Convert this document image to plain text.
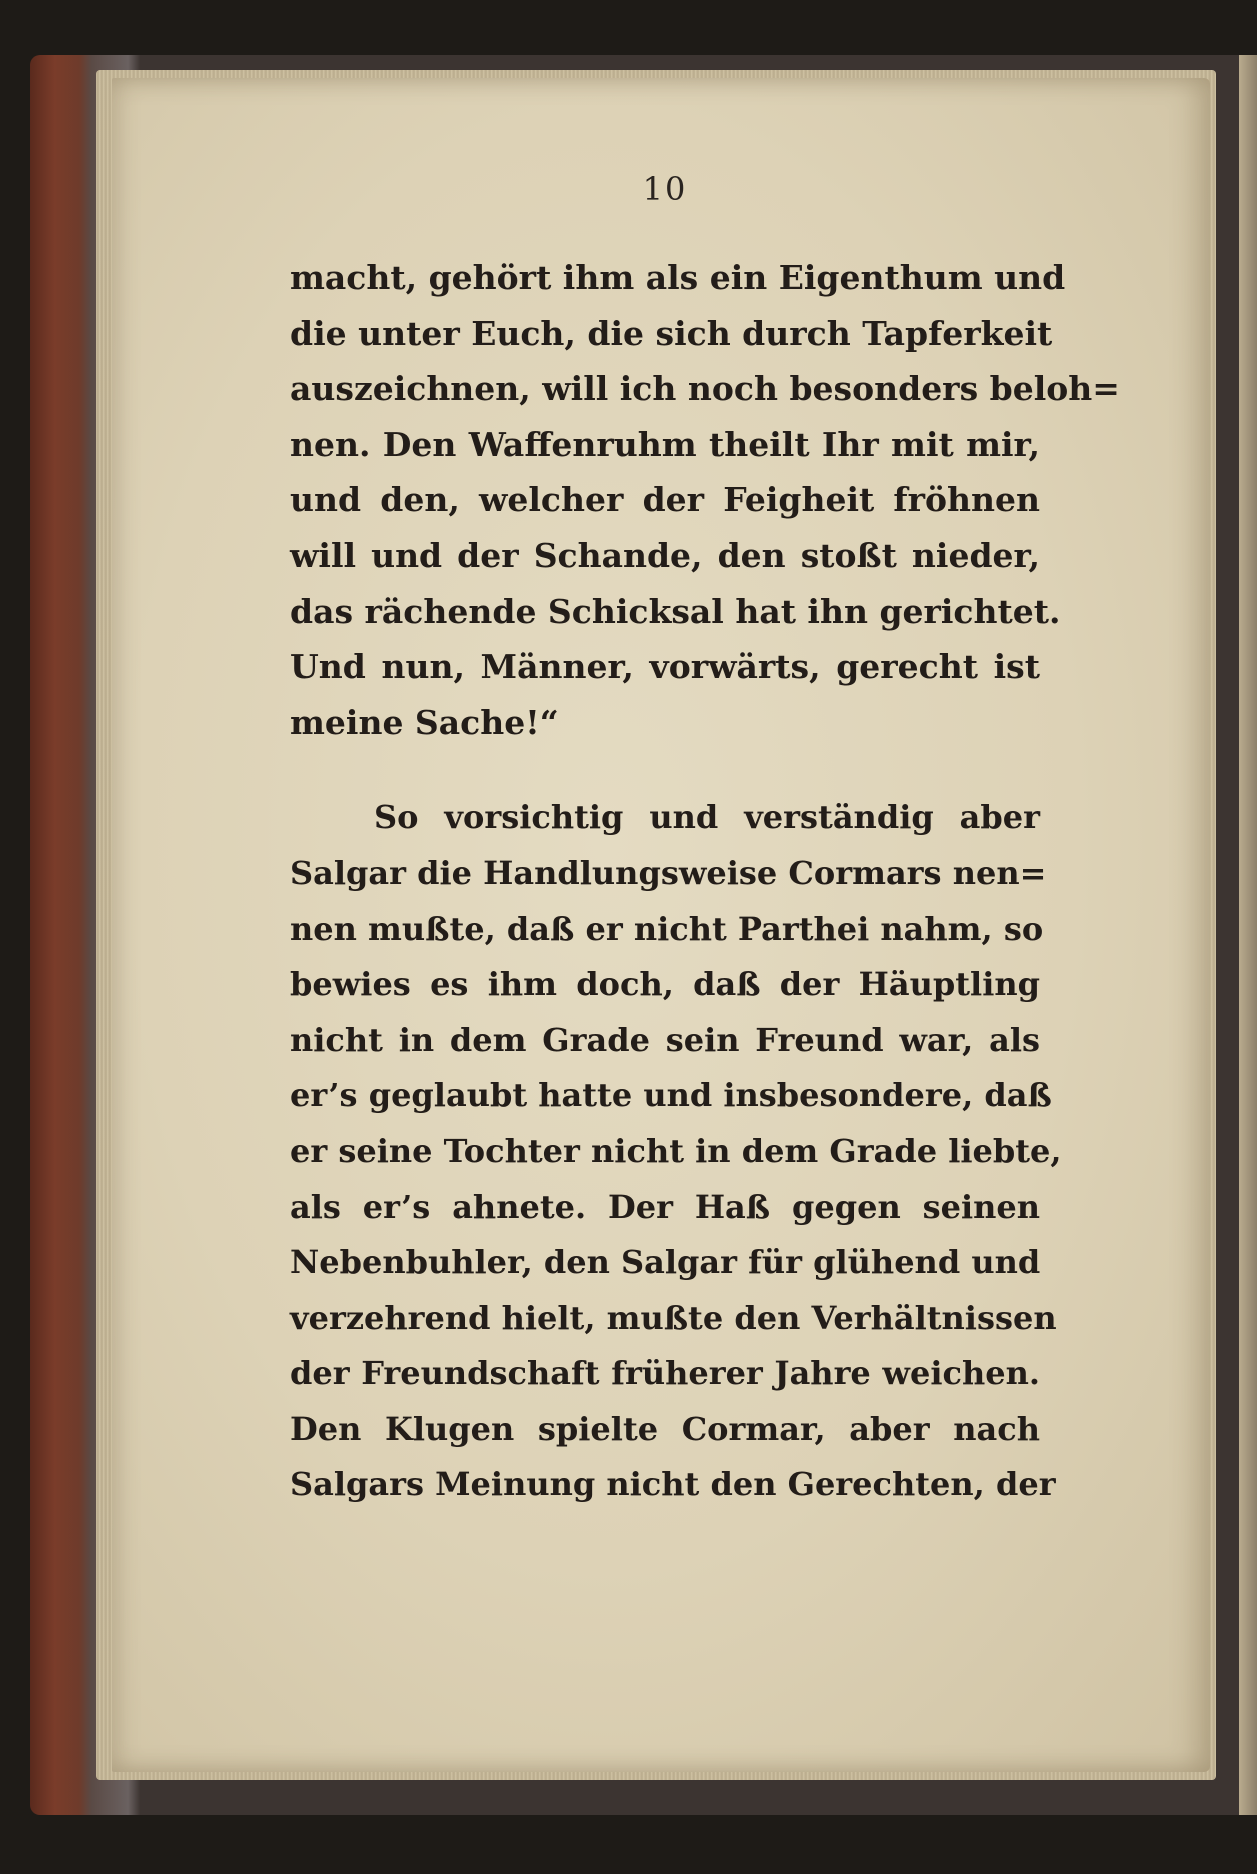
10
macht, gehört ihm als ein Eigenthum und
die unter Euch, die sich durch Tapferkeit
auszeichnen, will ich noch besonders beloh=
nen. Den Waffenruhm theilt Ihr mit mir,
und den, welcher der Feigheit fröhnen
will und der Schande, den stoßt nieder,
das rächende Schicksal hat ihn gerichtet.
Und nun, Männer, vorwärts, gerecht ist
meine Sache!“
So vorsichtig und verständig aber
Salgar die Handlungsweise Cormars nen=
nen mußte, daß er nicht Parthei nahm, so
bewies es ihm doch, daß der Häuptling
nicht in dem Grade sein Freund war, als
er’s geglaubt hatte und insbesondere, daß
er seine Tochter nicht in dem Grade liebte,
als er’s ahnete. Der Haß gegen seinen
Nebenbuhler, den Salgar für glühend und
verzehrend hielt, mußte den Verhältnissen
der Freundschaft früherer Jahre weichen.
Den Klugen spielte Cormar, aber nach
Salgars Meinung nicht den Gerechten, der
